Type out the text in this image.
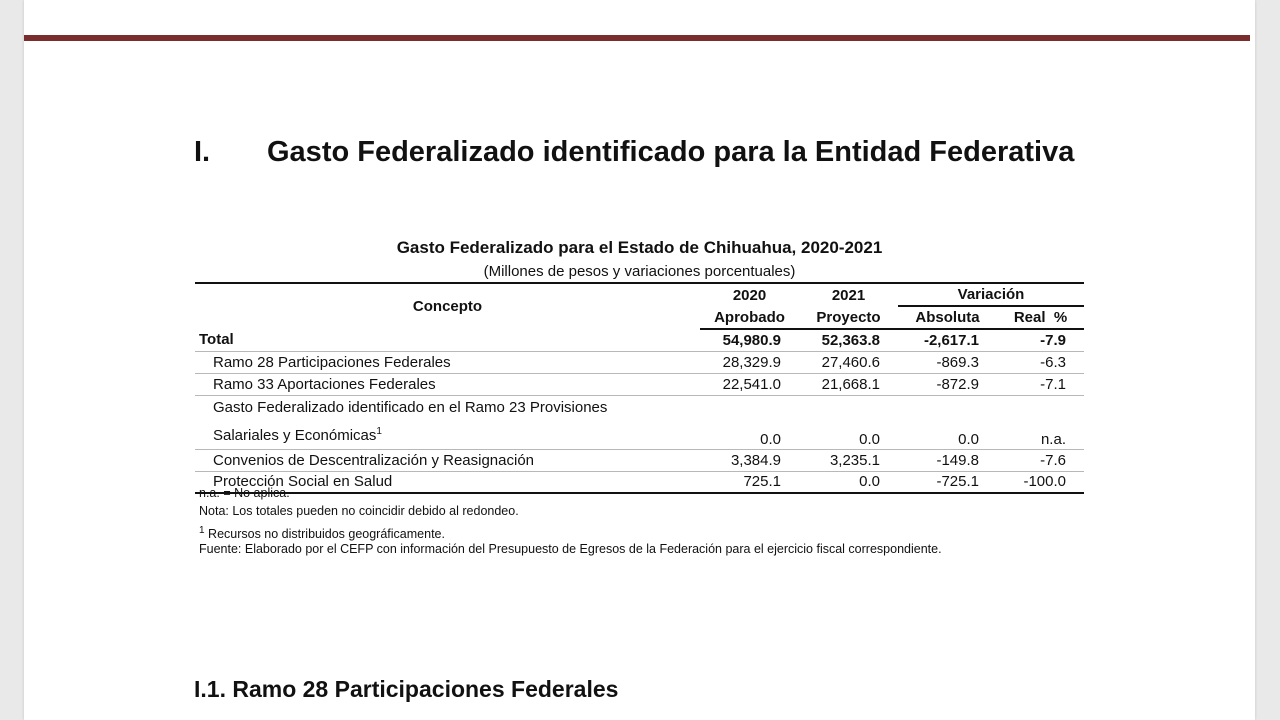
I. Gasto Federalizado identificado para la Entidad Federativa
Gasto Federalizado para el Estado de Chihuahua, 2020-2021
(Millones de pesos y variaciones porcentuales)
Concepto	2020	2021	Variación	
	Aprobado	Proyecto	Absoluta	Real  %
Total	54,980.9	52,363.8	-2,617.1	-7.9
Ramo 28 Participaciones Federales	28,329.9	27,460.6	-869.3	-6.3
Ramo 33 Aportaciones Federales	22,541.0	21,668.1	-872.9	-7.1

Gasto Federalizado identificado en el Ramo 23 Provisiones
Salariales y Económicas$^1$	0.0	0.0	0.0	n.a.
Convenios de Descentralización y Reasignación	3,384.9	3,235.1	-149.8	-7.6
Protección Social en Salud	725.1	0.0	-725.1	-100.0
n.a. = No aplica.
Nota: Los totales pueden no coincidir debido al redondeo.
$^1$ Recursos no distribuidos geográficamente.
Fuente: Elaborado por el CEFP con información del Presupuesto de Egresos de la Federación para el ejercicio fiscal correspondiente.
I.1. Ramo 28 Participaciones Federales
